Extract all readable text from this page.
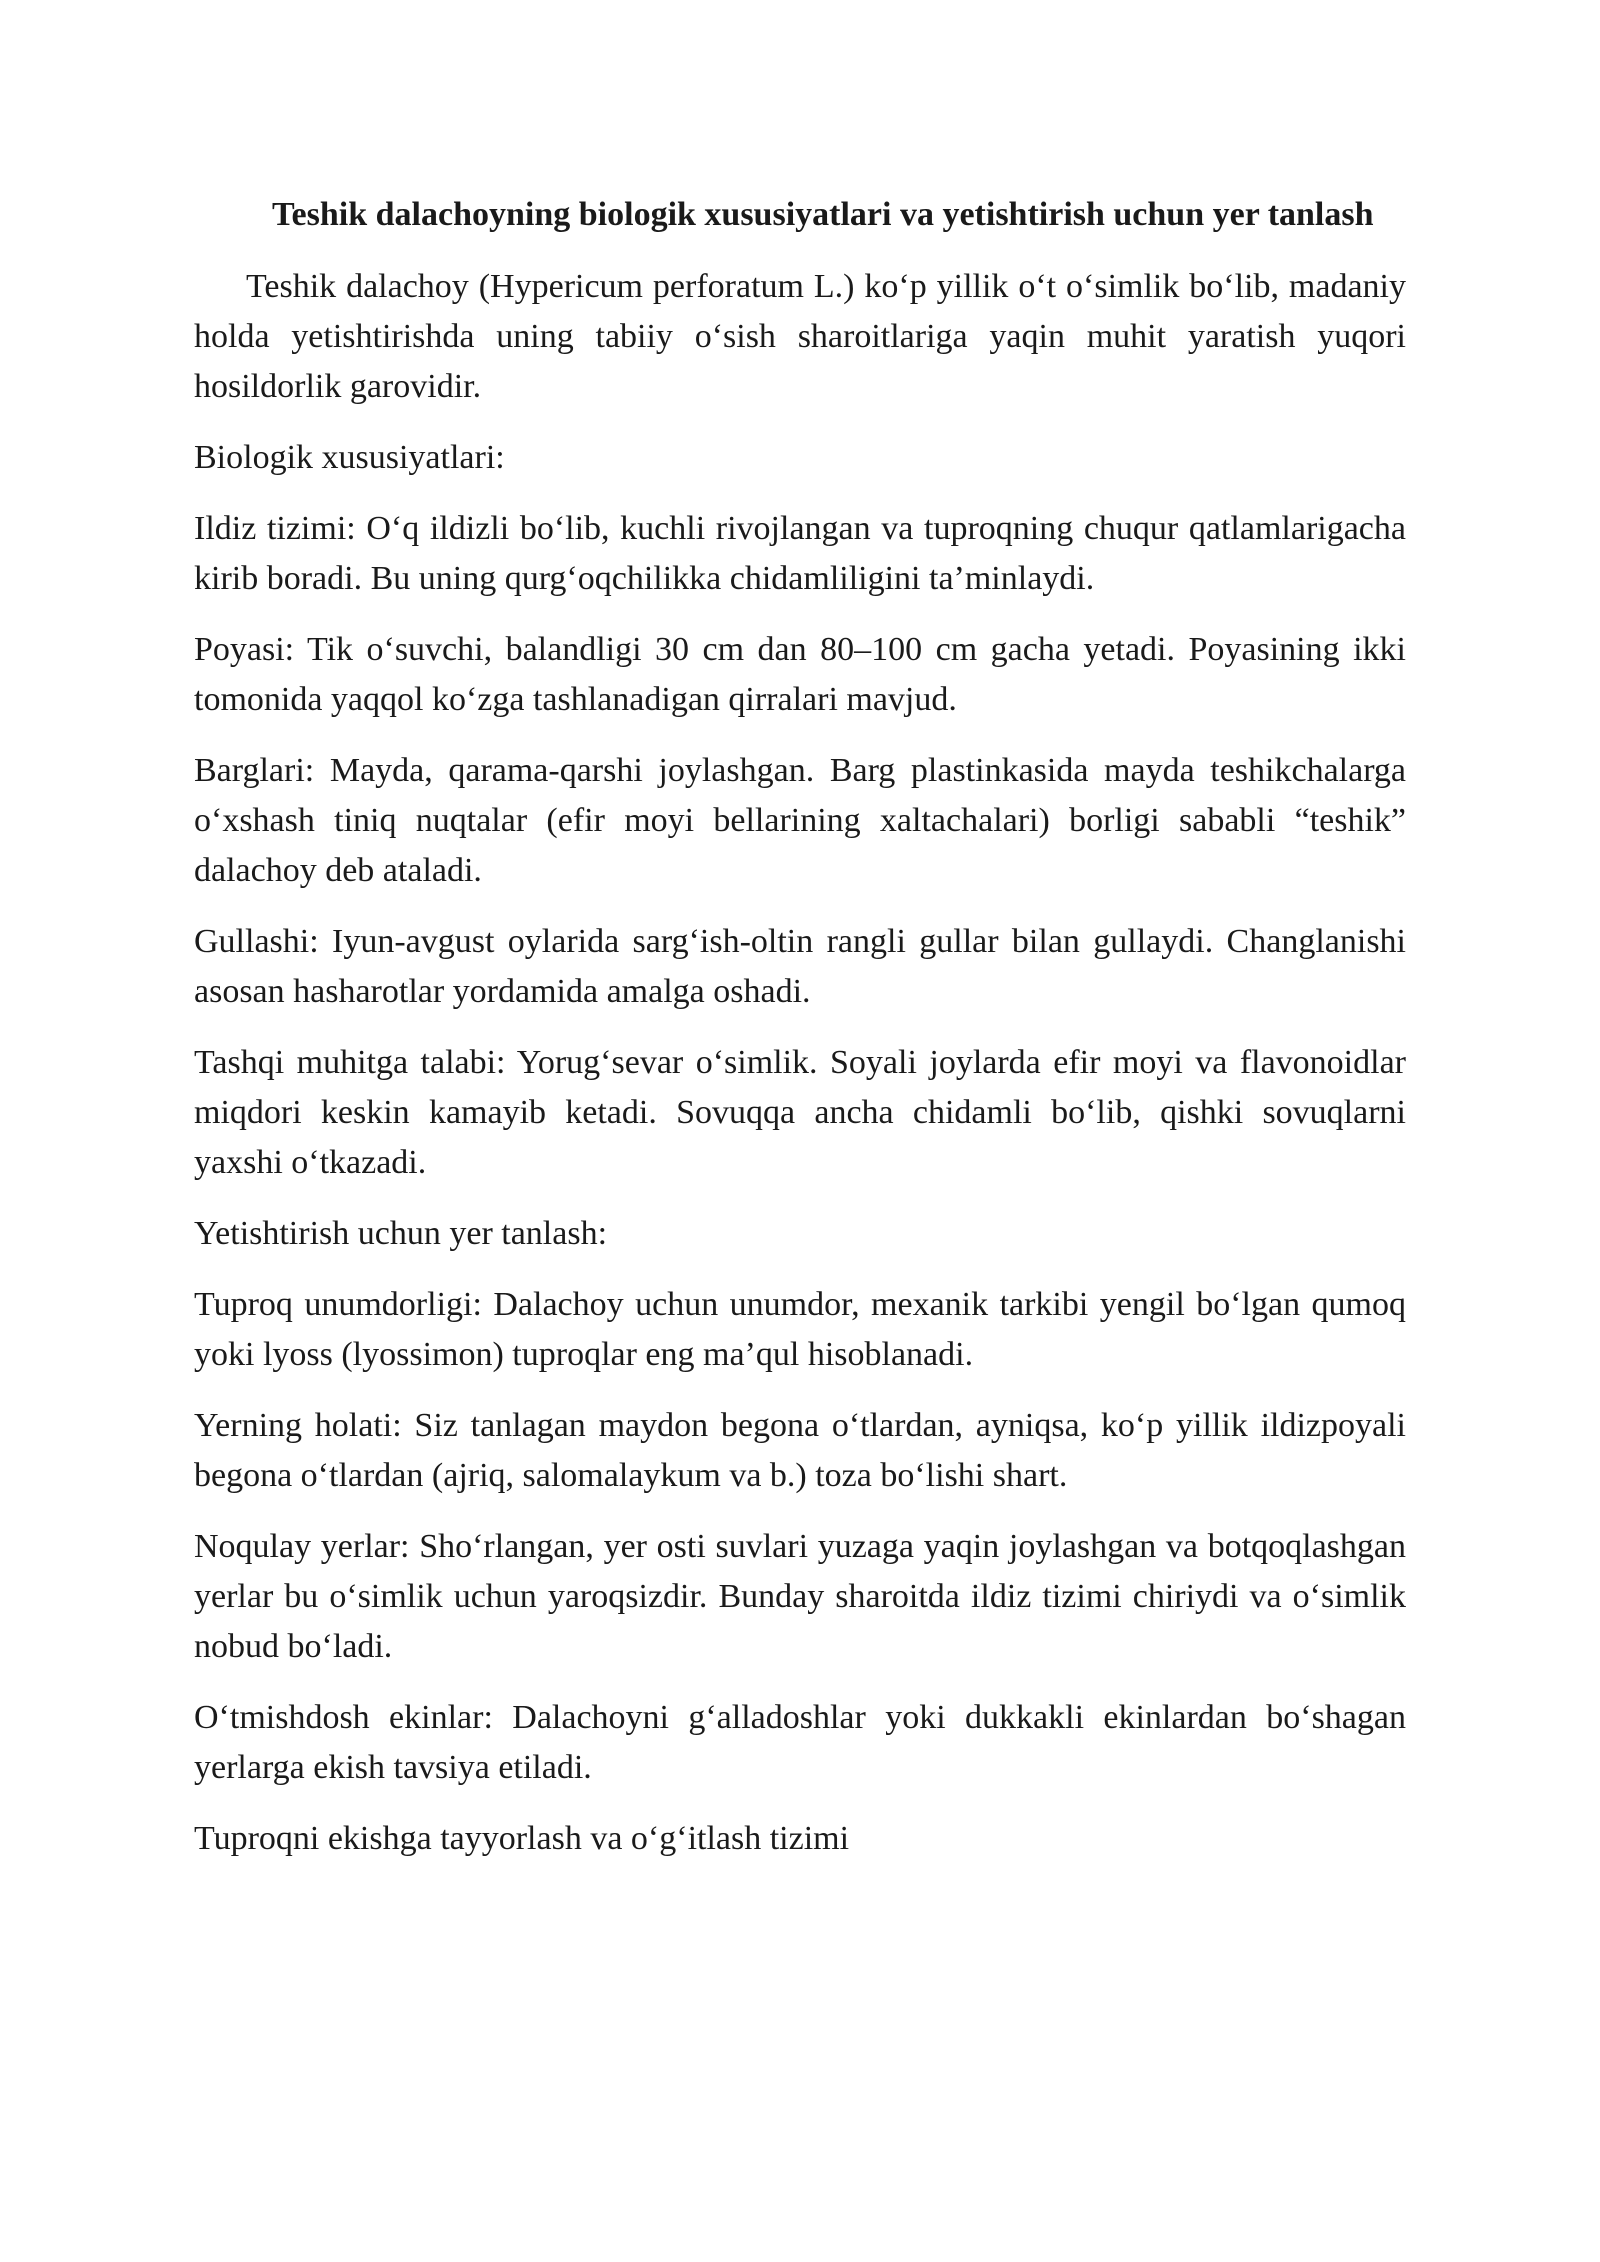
Teshik dalachoyning biologik xususiyatlari va yetishtirish uchun yer tanlash
Teshik dalachoy (Hypericum perforatum L.) ko‘p yillik o‘t o‘simlik bo‘lib, madaniy holda yetishtirishda uning tabiiy o‘sish sharoitlariga yaqin muhit yaratish yuqori hosildorlik garovidir.
Biologik xususiyatlari:
Ildiz tizimi: O‘q ildizli bo‘lib, kuchli rivojlangan va tuproqning chuqur qatlamlarigacha kirib boradi. Bu uning qurg‘oqchilikka chidamliligini ta’minlaydi.
Poyasi: Tik o‘suvchi, balandligi 30 cm dan 80–100 cm gacha yetadi. Poyasining ikki tomonida yaqqol ko‘zga tashlanadigan qirralari mavjud.
Barglari: Mayda, qarama-qarshi joylashgan. Barg plastinkasida mayda teshikchalarga o‘xshash tiniq nuqtalar (efir moyi bellarining xaltachalari) borligi sababli “teshik” dalachoy deb ataladi.
Gullashi: Iyun-avgust oylarida sarg‘ish-oltin rangli gullar bilan gullaydi. Changlanishi asosan hasharotlar yordamida amalga oshadi.
Tashqi muhitga talabi: Yorug‘sevar o‘simlik. Soyali joylarda efir moyi va flavonoidlar miqdori keskin kamayib ketadi. Sovuqqa ancha chidamli bo‘lib, qishki sovuqlarni yaxshi o‘tkazadi.
Yetishtirish uchun yer tanlash:
Tuproq unumdorligi: Dalachoy uchun unumdor, mexanik tarkibi yengil bo‘lgan qumoq yoki lyoss (lyossimon) tuproqlar eng ma’qul hisoblanadi.
Yerning holati: Siz tanlagan maydon begona o‘tlardan, ayniqsa, ko‘p yillik ildizpoyali begona o‘tlardan (ajriq, salomalaykum va b.) toza bo‘lishi shart.
Noqulay yerlar: Sho‘rlangan, yer osti suvlari yuzaga yaqin joylashgan va botqoqlashgan yerlar bu o‘simlik uchun yaroqsizdir. Bunday sharoitda ildiz tizimi chiriydi va o‘simlik nobud bo‘ladi.
O‘tmishdosh ekinlar: Dalachoyni g‘alladoshlar yoki dukkakli ekinlardan bo‘shagan yerlarga ekish tavsiya etiladi.
Tuproqni ekishga tayyorlash va o‘g‘itlash tizimi
